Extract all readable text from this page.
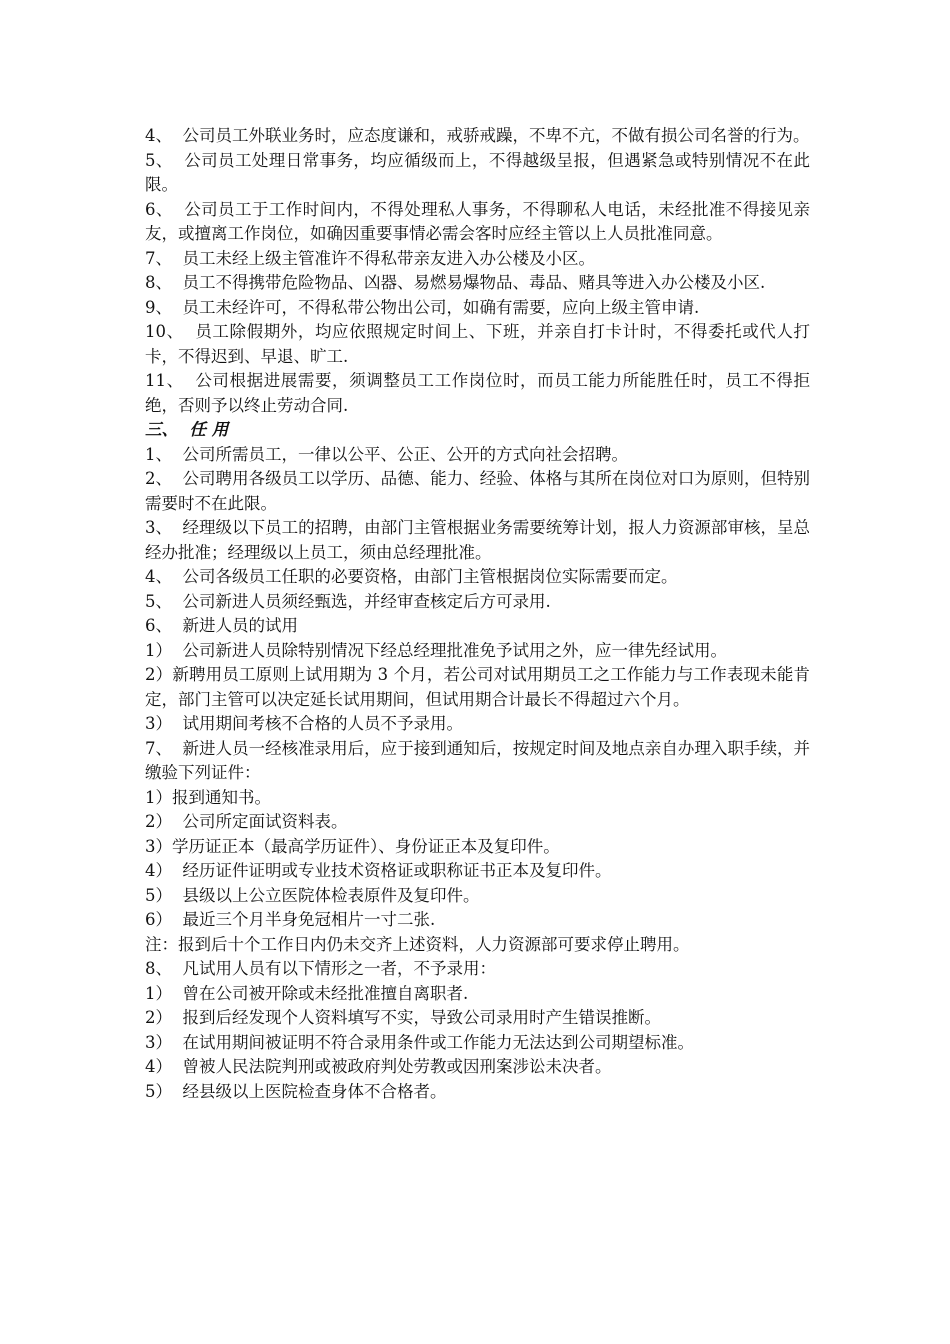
4、  公司员工外联业务时，应态度谦和，戒骄戒躁，不卑不亢，不做有损公司名誉的行为。

5、  公司员工处理日常事务，均应循级而上，不得越级呈报，但遇紧急或特别情况不在此限。

6、  公司员工于工作时间内，不得处理私人事务，不得聊私人电话，未经批准不得接见亲友，或擅离工作岗位，如确因重要事情必需会客时应经主管以上人员批准同意。

7、  员工未经上级主管准许不得私带亲友进入办公楼及小区。

8、  员工不得携带危险物品、凶器、易燃易爆物品、毒品、赌具等进入办公楼及小区.

9、  员工未经许可，不得私带公物出公司，如确有需要，应向上级主管申请.

10、  员工除假期外，均应依照规定时间上、下班，并亲自打卡计时，不得委托或代人打卡，不得迟到、早退、旷工.

11、  公司根据进展需要，须调整员工工作岗位时，而员工能力所能胜任时，员工不得拒绝，否则予以终止劳动合同.

三、  任 用

1、  公司所需员工，一律以公平、公正、公开的方式向社会招聘。

2、  公司聘用各级员工以学历、品德、能力、经验、体格与其所在岗位对口为原则，但特别需要时不在此限。

3、  经理级以下员工的招聘，由部门主管根据业务需要统筹计划，报人力资源部审核，呈总经办批准；经理级以上员工，须由总经理批准。

4、  公司各级员工任职的必要资格，由部门主管根据岗位实际需要而定。

5、  公司新进人员须经甄选，并经审查核定后方可录用.

6、  新进人员的试用

1）  公司新进人员除特别情况下经总经理批准免予试用之外，应一律先经试用。

2）新聘用员工原则上试用期为 3 个月，若公司对试用期员工之工作能力与工作表现未能肯定，部门主管可以决定延长试用期间，但试用期合计最长不得超过六个月。

3）  试用期间考核不合格的人员不予录用。

7、  新进人员一经核准录用后，应于接到通知后，按规定时间及地点亲自办理入职手续，并缴验下列证件：

1）报到通知书。

2）  公司所定面试资料表。

3）学历证正本（最高学历证件）、身份证正本及复印件。

4）  经历证件证明或专业技术资格证或职称证书正本及复印件。

5）  县级以上公立医院体检表原件及复印件。

6）  最近三个月半身免冠相片一寸二张.

注：报到后十个工作日内仍未交齐上述资料，人力资源部可要求停止聘用。

8、  凡试用人员有以下情形之一者，不予录用：

1）  曾在公司被开除或未经批准擅自离职者.

2）  报到后经发现个人资料填写不实，导致公司录用时产生错误推断。

3）  在试用期间被证明不符合录用条件或工作能力无法达到公司期望标准。

4）  曾被人民法院判刑或被政府判处劳教或因刑案涉讼未决者。

5）  经县级以上医院检查身体不合格者。
